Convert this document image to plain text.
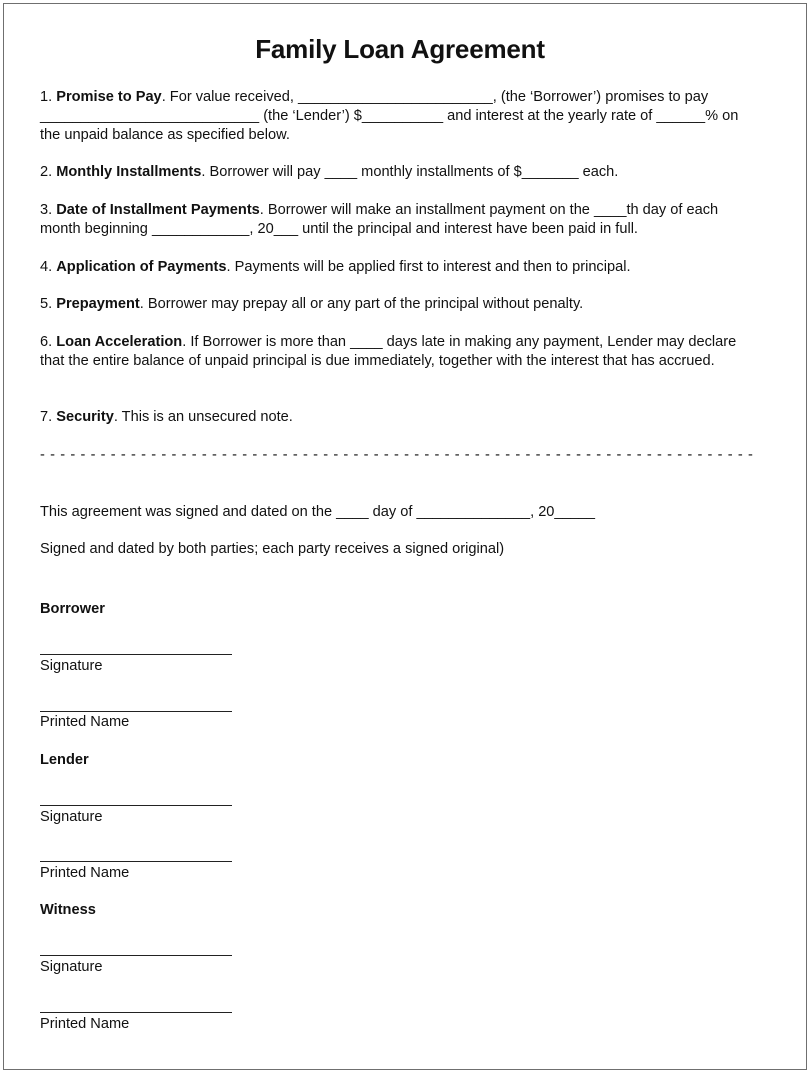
Family Loan Agreement
1. Promise to Pay. For value received, ________________________, (the ‘Borrower’) promises to pay ___________________________ (the ‘Lender’) $__________ and interest at the yearly rate of ______% on the unpaid balance as specified below.
2. Monthly Installments. Borrower will pay ____ monthly installments of $_______ each.
3. Date of Installment Payments. Borrower will make an installment payment on the ____th day of each month beginning ____________, 20___ until the principal and interest have been paid in full.
4. Application of Payments. Payments will be applied first to interest and then to principal.
5. Prepayment. Borrower may prepay all or any part of the principal without penalty.
6. Loan Acceleration. If Borrower is more than ____ days late in making any payment, Lender may declare that the entire balance of unpaid principal is due immediately, together with the interest that has accrued.
7. Security. This is an unsecured note.
- - - - - - - - - - - - - - - - - - - - - - - - - - - - - - - - - - - - - - - - - - - - - - - - - - - - - - - - - - - - - - - - - - - - - - -
This agreement was signed and dated on the ____ day of ______________, 20_____
Signed and dated by both parties; each party receives a signed original)
Borrower
Signature
Printed Name
Lender
Signature
Printed Name
Witness
Signature
Printed Name
